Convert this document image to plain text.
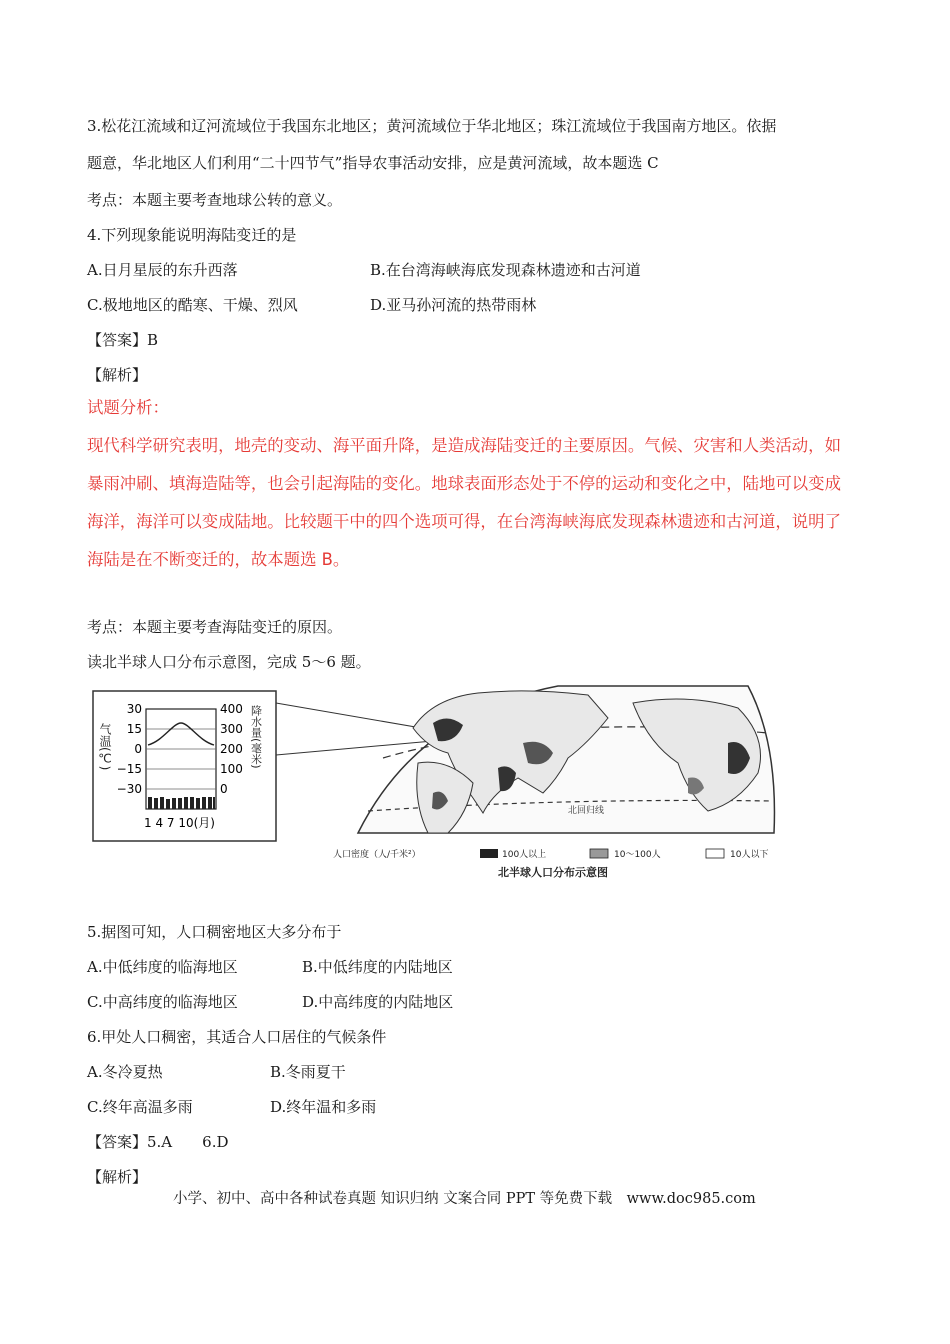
3.松花江流域和辽河流域位于我国东北地区；黄河流域位于华北地区；珠江流域位于我国南方地区。依据
题意，华北地区人们利用“二十四节气”指导农事活动安排，应是黄河流域，故本题选 C
考点：本题主要考查地球公转的意义。
4.下列现象能说明海陆变迁的是
A.日月星辰的东升西落	B.在台湾海峡海底发现森林遗迹和古河道
C.极地地区的酷寒、干燥、烈风	D.亚马孙河流的热带雨林
【答案】B
【解析】
试题分析：
现代科学研究表明，地壳的变动、海平面升降，是造成海陆变迁的主要原因。气候、灾害和人类活动，如
暴雨冲刷、填海造陆等，也会引起海陆的变化。地球表面形态处于不停的运动和变化之中，陆地可以变成
海洋，海洋可以变成陆地。比较题干中的四个选项可得，在台湾海峡海底发现森林遗迹和古河道，说明了
海陆是在不断变迁的，故本题选 B。
考点：本题主要考查海陆变迁的原因。
读北半球人口分布示意图，完成 5～6 题。
气温(℃)	降水量(毫米)
30
15
0
−15
−30
400
300
200
100
0
1 4 7 10(月)
北回归线
人口密度（人/千米²）	100人以上	10～100人	10人以下
北半球人口分布示意图
5.据图可知，人口稠密地区大多分布于
A.中低纬度的临海地区	B.中低纬度的内陆地区
C.中高纬度的临海地区	D.中高纬度的内陆地区
6.甲处人口稠密，其适合人口居住的气候条件
A.冬冷夏热	B.冬雨夏干
C.终年高温多雨	D.终年温和多雨
【答案】5.A　　6.D
【解析】
小学、初中、高中各种试卷真题 知识归纳 文案合同 PPT 等免费下载　www.doc985.com
